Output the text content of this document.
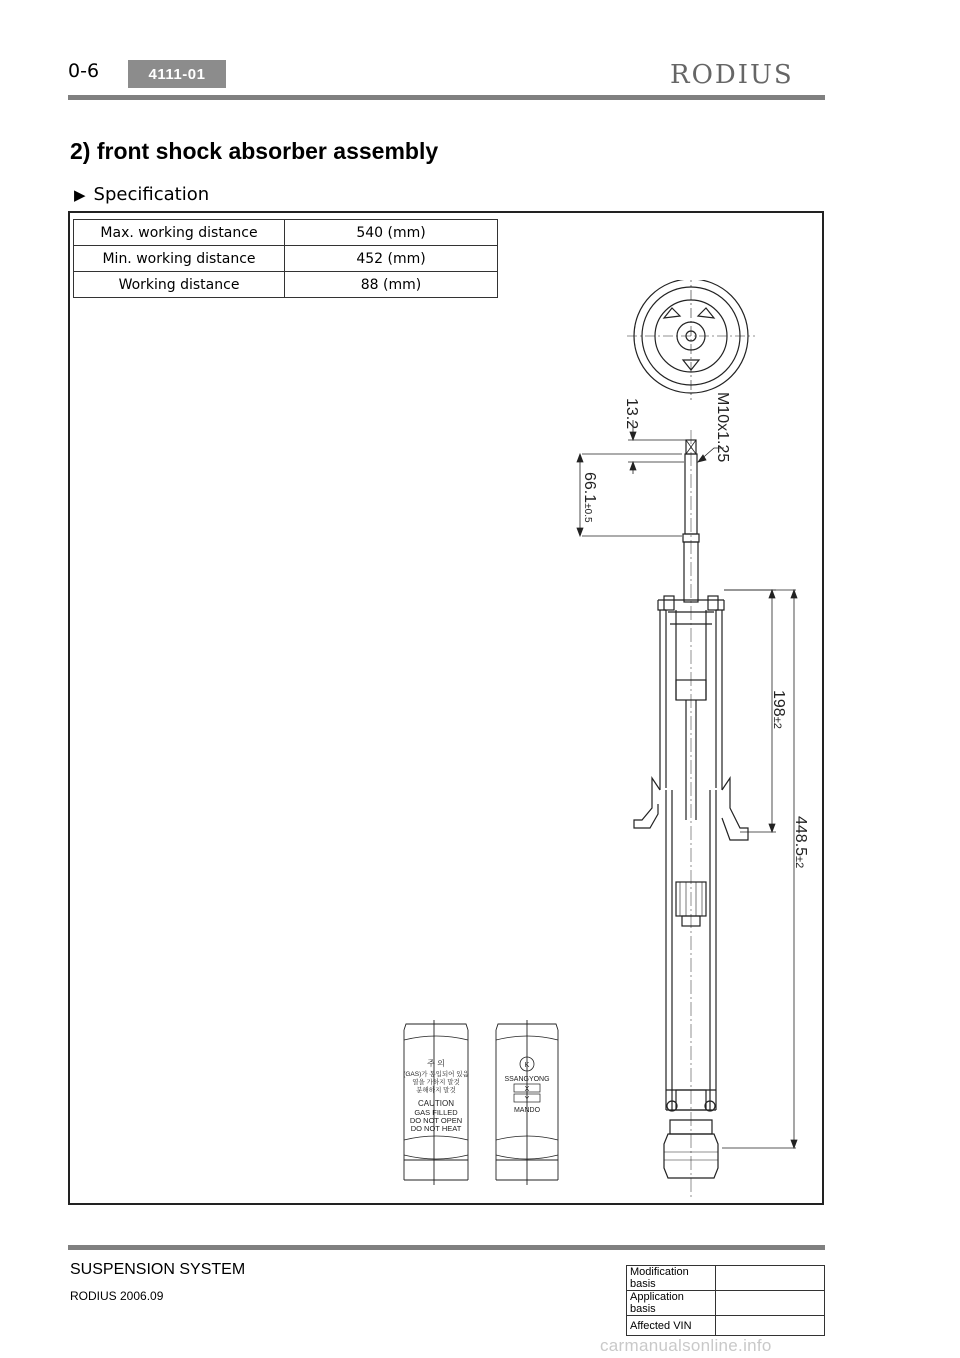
0-6	4111-01	RODIUS
2) front shock absorber assembly
▶ Specification
Max. working distance	540 (mm)
Min. working distance	452 (mm)
Working distance	88 (mm)
13.2	M10x1.25
66.1±0.5
198±2
448.5±2
주 의
(GAS)가 봉입되어 있음
열을 가하지 말것
분해하지 말것
CAUTION
GAS FILLED
DO NOT OPEN
DO NOT HEAT
K
SSANGYONG
X
Y
MANDO
SUSPENSION SYSTEM
RODIUS 2006.09
Modification basis	
Application basis	
Affected VIN	
carmanualsonline.info
